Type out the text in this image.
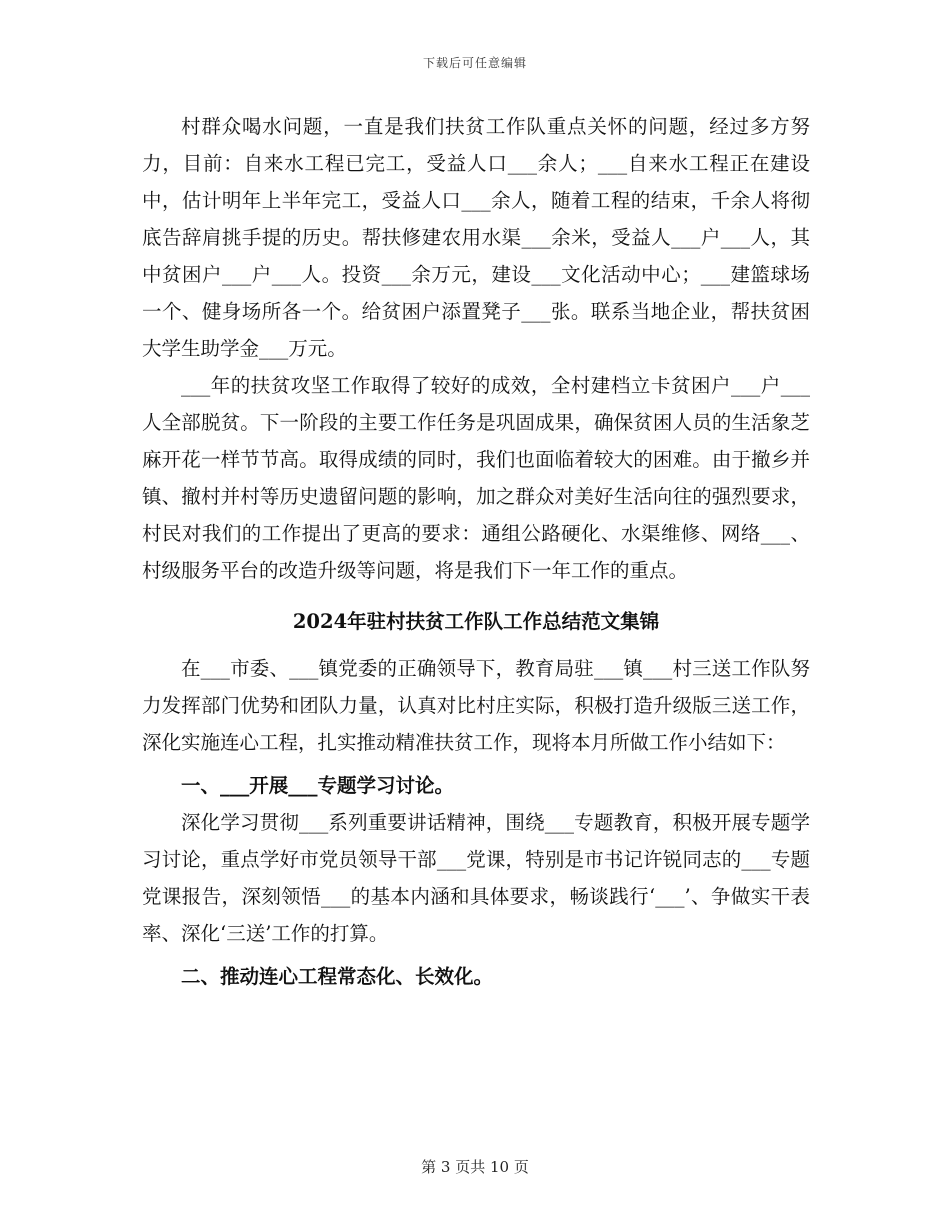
下载后可任意编辑

村群众喝水问题，一直是我们扶贫工作队重点关怀的问题，经过多方努力，目前：自来水工程已完工，受益人口___余人；___自来水工程正在建设中，估计明年上半年完工，受益人口___余人，随着工程的结束，千余人将彻底告辞肩挑手提的历史。帮扶修建农用水渠___余米，受益人___户___人，其中贫困户___户___人。投资___余万元，建设___文化活动中心；___建篮球场一个、健身场所各一个。给贫困户添置凳子___张。联系当地企业，帮扶贫困大学生助学金___万元。

___年的扶贫攻坚工作取得了较好的成效，全村建档立卡贫困户___户___人全部脱贫。下一阶段的主要工作任务是巩固成果，确保贫困人员的生活象芝麻开花一样节节高。取得成绩的同时，我们也面临着较大的困难。由于撤乡并镇、撤村并村等历史遗留问题的影响，加之群众对美好生活向往的强烈要求，村民对我们的工作提出了更高的要求：通组公路硬化、水渠维修、网络___、村级服务平台的改造升级等问题，将是我们下一年工作的重点。

2024年驻村扶贫工作队工作总结范文集锦

在___市委、___镇党委的正确领导下，教育局驻___镇___村三送工作队努力发挥部门优势和团队力量，认真对比村庄实际，积极打造升级版三送工作，深化实施连心工程，扎实推动精准扶贫工作，现将本月所做工作小结如下：

一、___开展___专题学习讨论。

深化学习贯彻___系列重要讲话精神，围绕___专题教育，积极开展专题学习讨论，重点学好市党员领导干部___党课，特别是市书记许锐同志的___专题党课报告，深刻领悟___的基本内涵和具体要求，畅谈践行‘___’、争做实干表率、深化‘三送’工作的打算。

二、推动连心工程常态化、长效化。
第 3 页共 10 页
